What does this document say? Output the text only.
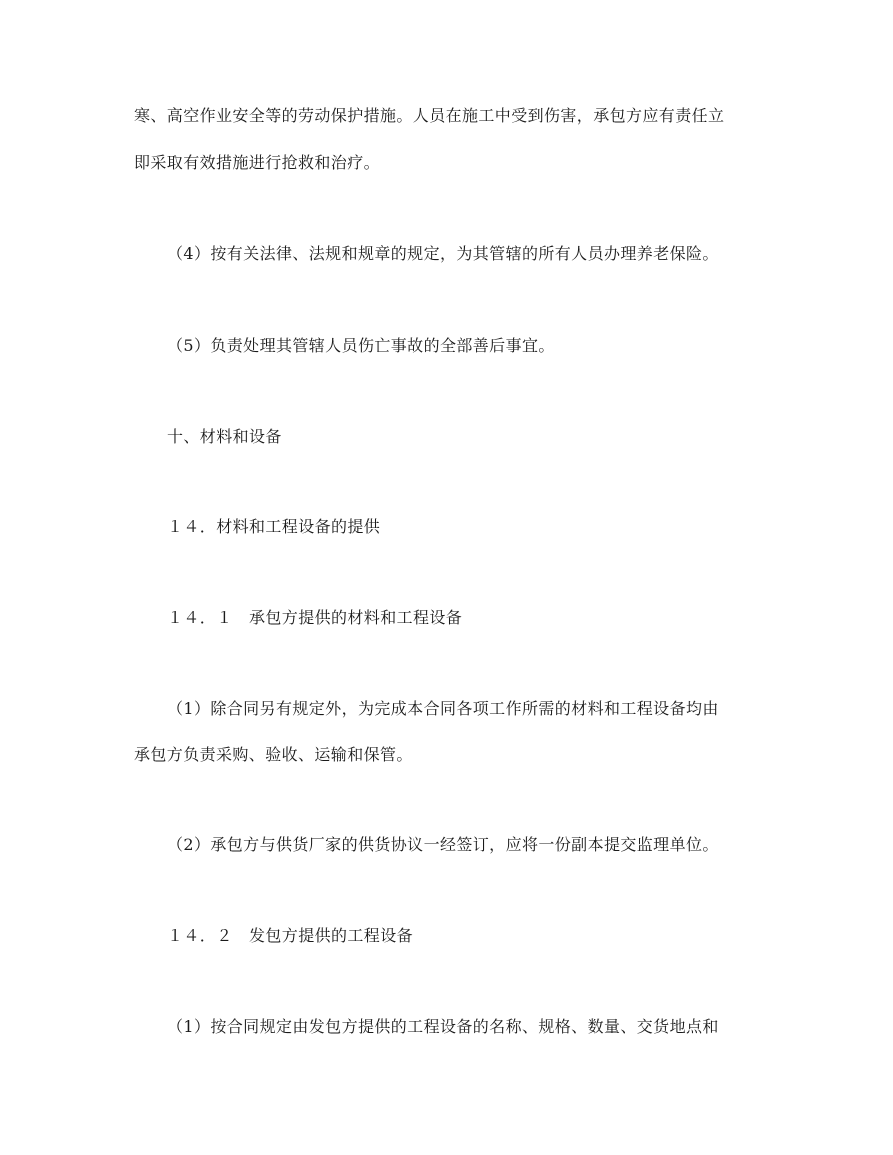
寒、高空作业安全等的劳动保护措施。人员在施工中受到伤害，承包方应有责任立

即采取有效措施进行抢救和治疗。

（4）按有关法律、法规和规章的规定，为其管辖的所有人员办理养老保险。

（5）负责处理其管辖人员伤亡事故的全部善后事宜。

十、材料和设备

１４．材料和工程设备的提供

１４．１　承包方提供的材料和工程设备

（1）除合同另有规定外，为完成本合同各项工作所需的材料和工程设备均由

承包方负责采购、验收、运输和保管。

（2）承包方与供货厂家的供货协议一经签订，应将一份副本提交监理单位。

１４．２　发包方提供的工程设备

（1）按合同规定由发包方提供的工程设备的名称、规格、数量、交货地点和
